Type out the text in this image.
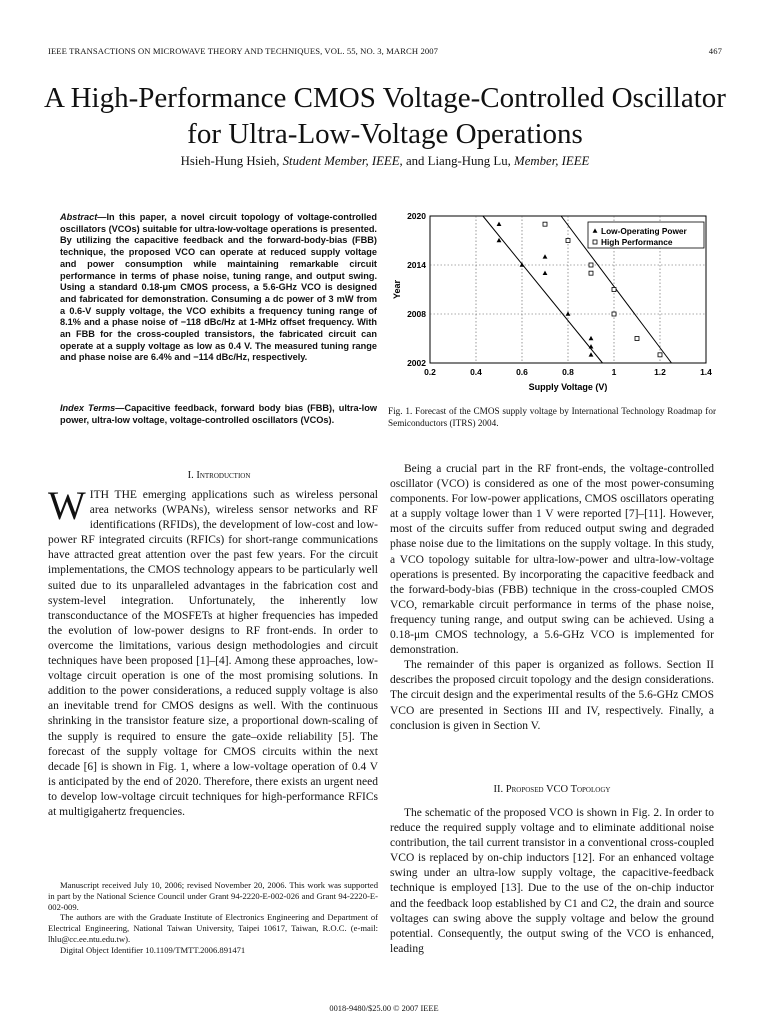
IEEE TRANSACTIONS ON MICROWAVE THEORY AND TECHNIQUES, VOL. 55, NO. 3, MARCH 2007	467
A High-Performance CMOS Voltage-Controlled Oscillator for Ultra-Low-Voltage Operations
Hsieh-Hung Hsieh, Student Member, IEEE, and Liang-Hung Lu, Member, IEEE
Abstract—In this paper, a novel circuit topology of voltage-controlled oscillators (VCOs) suitable for ultra-low-voltage operations is presented. By utilizing the capacitive feedback and the forward-body-bias (FBB) technique, the proposed VCO can operate at reduced supply voltage and power consumption while maintaining remarkable circuit performance in terms of phase noise, tuning range, and output swing. Using a standard 0.18-μm CMOS process, a 5.6-GHz VCO is designed and fabricated for demonstration. Consuming a dc power of 3 mW from a 0.6-V supply voltage, the VCO exhibits a frequency tuning range of 8.1% and a phase noise of −118 dBc/Hz at 1-MHz offset frequency. With an FBB for the cross-coupled transistors, the fabricated circuit can operate at a supply voltage as low as 0.4 V. The measured tuning range and phase noise are 6.4% and −114 dBc/Hz, respectively.
Index Terms—Capacitive feedback, forward body bias (FBB), ultra-low power, ultra-low voltage, voltage-controlled oscillators (VCOs).
0.2	0.4	0.6	0.8	1	1.2	1.4
2002
2008
2014
2020
Supply Voltage (V)
Year
Low-Operating Power
High Performance
Fig. 1. Forecast of the CMOS supply voltage by International Technology Roadmap for Semiconductors (ITRS) 2004.
I. Introduction

WITH THE emerging applications such as wireless personal area networks (WPANs), wireless sensor networks and RF identifications (RFIDs), the development of low-cost and low-power RF integrated circuits (RFICs) for short-range communications have attracted great attention over the past few years. For the circuit implementations, the CMOS technology appears to be particularly well suited due to its unparalleled advantages in the fabrication cost and system-level integration. Unfortunately, the inherently low transconductance of the MOSFETs at higher frequencies has impeded the evolution of low-power designs to RF front-ends. In order to overcome the limitations, various design methodologies and circuit techniques have been proposed [1]–[4]. Among these approaches, low-voltage circuit operation is one of the most promising solutions. In addition to the power considerations, a reduced supply voltage is also an inevitable trend for CMOS designs as well. With the continuous shrinking in the transistor feature size, a proportional down-scaling of the supply is required to ensure the gate–oxide reliability [5]. The forecast of the supply voltage for CMOS circuits within the next decade [6] is shown in Fig. 1, where a low-voltage operation of 0.4 V is anticipated by the end of 2020. Therefore, there exists an urgent need to develop low-voltage circuit techniques for high-performance RFICs at multigigahertz frequencies.

Being a crucial part in the RF front-ends, the voltage-controlled oscillator (VCO) is considered as one of the most power-consuming components. For low-power applications, CMOS oscillators operating at a supply voltage lower than 1 V were reported [7]–[11]. However, most of the circuits suffer from reduced output swing and degraded phase noise due to the limitations on the supply voltage. In this study, a VCO topology suitable for ultra-low-power and ultra-low-voltage operations is presented. By incorporating the capacitive feedback and the forward-body-bias (FBB) technique in the cross-coupled CMOS VCO, remarkable circuit performance in terms of the phase noise, frequency tuning range, and output swing can be achieved. Using a 0.18-μm CMOS technology, a 5.6-GHz VCO is implemented for demonstration.
The remainder of this paper is organized as follows. Section II describes the proposed circuit topology and the design considerations. The circuit design and the experimental results of the 5.6-GHz CMOS VCO are presented in Sections III and IV, respectively. Finally, a conclusion is given in Section V.

II. Proposed VCO Topology

The schematic of the proposed VCO is shown in Fig. 2. In order to reduce the required supply voltage and to eliminate additional noise contribution, the tail current transistor in a conventional cross-coupled VCO is replaced by on-chip inductors [12]. For an enhanced voltage swing under an ultra-low supply voltage, the capacitive-feedback technique is employed [13]. Due to the use of the on-chip inductor and the feedback loop established by C1 and C2, the drain and source voltages can swing above the supply voltage and below the ground potential. Consequently, the output swing of the VCO is enhanced, leading

Manuscript received July 10, 2006; revised November 20, 2006. This work was supported in part by the National Science Council under Grant 94-2220-E-002-026 and Grant 94-2220-E-002-009.

The authors are with the Graduate Institute of Electronics Engineering and Department of Electrical Engineering, National Taiwan University, Taipei 10617, Taiwan, R.O.C. (e-mail: lhlu@cc.ee.ntu.edu.tw).

Digital Object Identifier 10.1109/TMTT.2006.891471

0018-9480/$25.00 © 2007 IEEE
